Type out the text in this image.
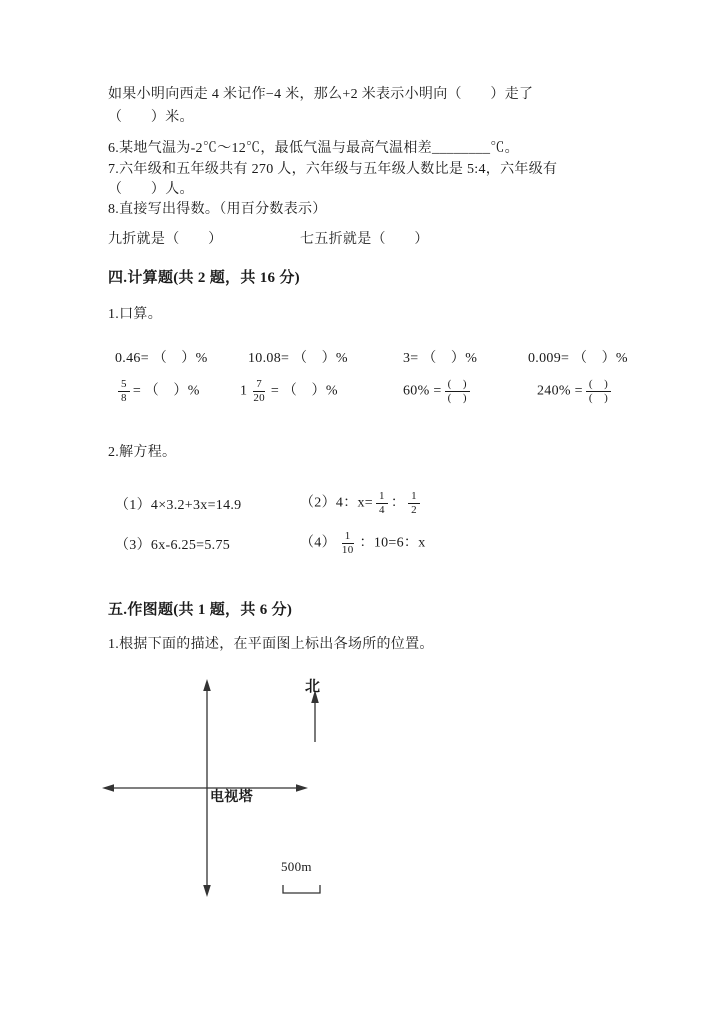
如果小明向西走 4 米记作−4 米，那么+2 米表示小明向（　　）走了
（　　）米。
6.某地气温为-2℃～12℃，最低气温与最高气温相差________℃。
7.六年级和五年级共有 270 人，六年级与五年级人数比是 5:4，六年级有
（　　）人。
8.直接写出得数。（用百分数表示）
九折就是（　　）	七五折就是（　　）
四.计算题(共 2 题，共 16 分)
1.口算。
0.46= （　）%	10.08= （　）%	3= （　）%	0.009= （　）%
$\frac{5}{8}$ = （　）%	$1 \frac{7}{20}$ = （　）%	$60\% = \frac{( )}{( )}$	$240\% = \frac{( )}{( )}$
2.解方程。
（1）4×3.2+3x=14.9	（2）4：$x= \frac{1}{4}$ ： $\frac{1}{2}$
（3）6x-6.25=5.75	$(4) \frac{1}{10}$ ：10=6：x
五.作图题(共 1 题，共 6 分)
1.根据下面的描述，在平面图上标出各场所的位置。
电视塔
北
500m
